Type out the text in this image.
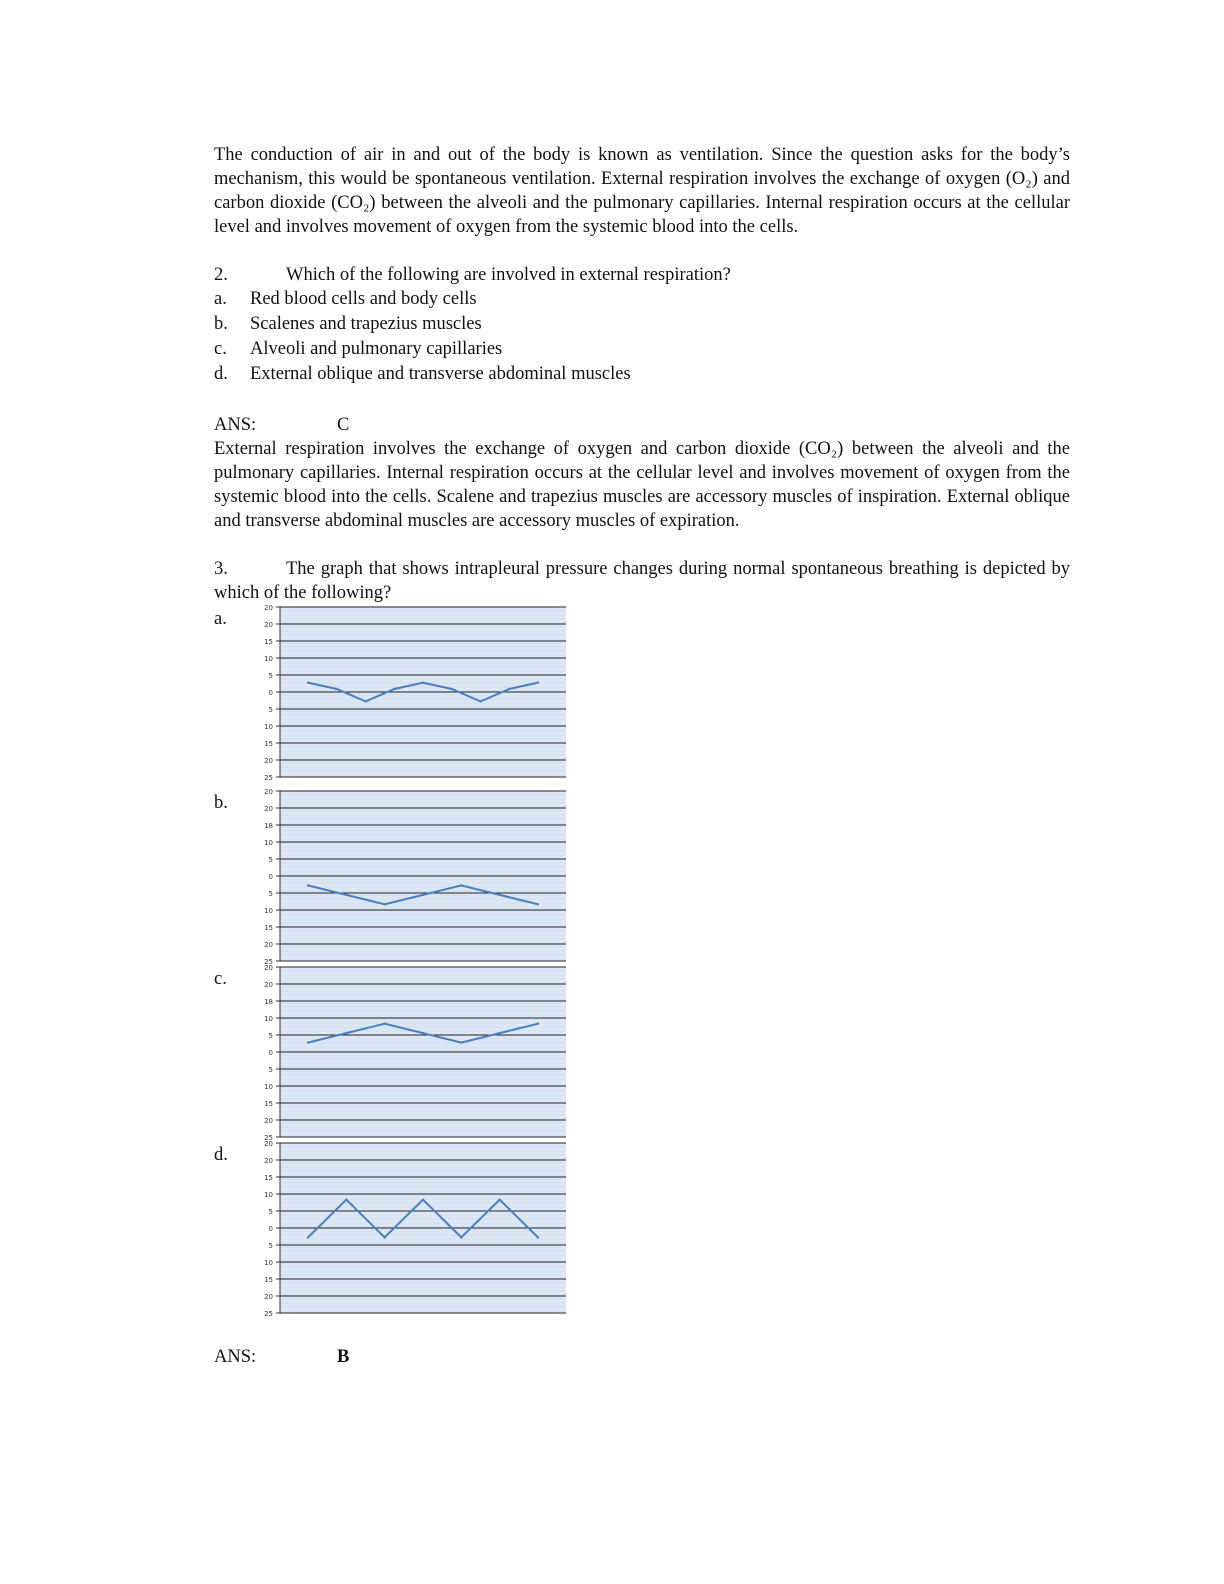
The conduction of air in and out of the body is known as ventilation. Since the question asks for the body’s mechanism, this would be spontaneous ventilation. External respiration involves the exchange of oxygen (O₂) and carbon dioxide (CO₂) between the alveoli and the pulmonary capillaries. Internal respiration occurs at the cellular level and involves movement of oxygen from the systemic blood into the cells.

2.	Which of the following are involved in external respiration?
a.	Red blood cells and body cells
b.	Scalenes and trapezius muscles
c.	Alveoli and pulmonary capillaries
d.	External oblique and transverse abdominal muscles
ANS:	C

External respiration involves the exchange of oxygen and carbon dioxide (CO₂) between the alveoli and the pulmonary capillaries. Internal respiration occurs at the cellular level and involves movement of oxygen from the systemic blood into the cells. Scalene and trapezius muscles are accessory muscles of inspiration. External oblique and transverse abdominal muscles are accessory muscles of expiration.

3.	The graph that shows intrapleural pressure changes during normal spontaneous breathing is depicted by which of the following?

a.
20
20
15
10
5
0
5
10
15
20
25
b.
20
20
18
10
5
0
5
10
15
20
25
c.
20
20
18
10
5
0
5
10
15
20
25
d.
20
20
15
10
5
0
5
10
15
20
25
ANS:	B
